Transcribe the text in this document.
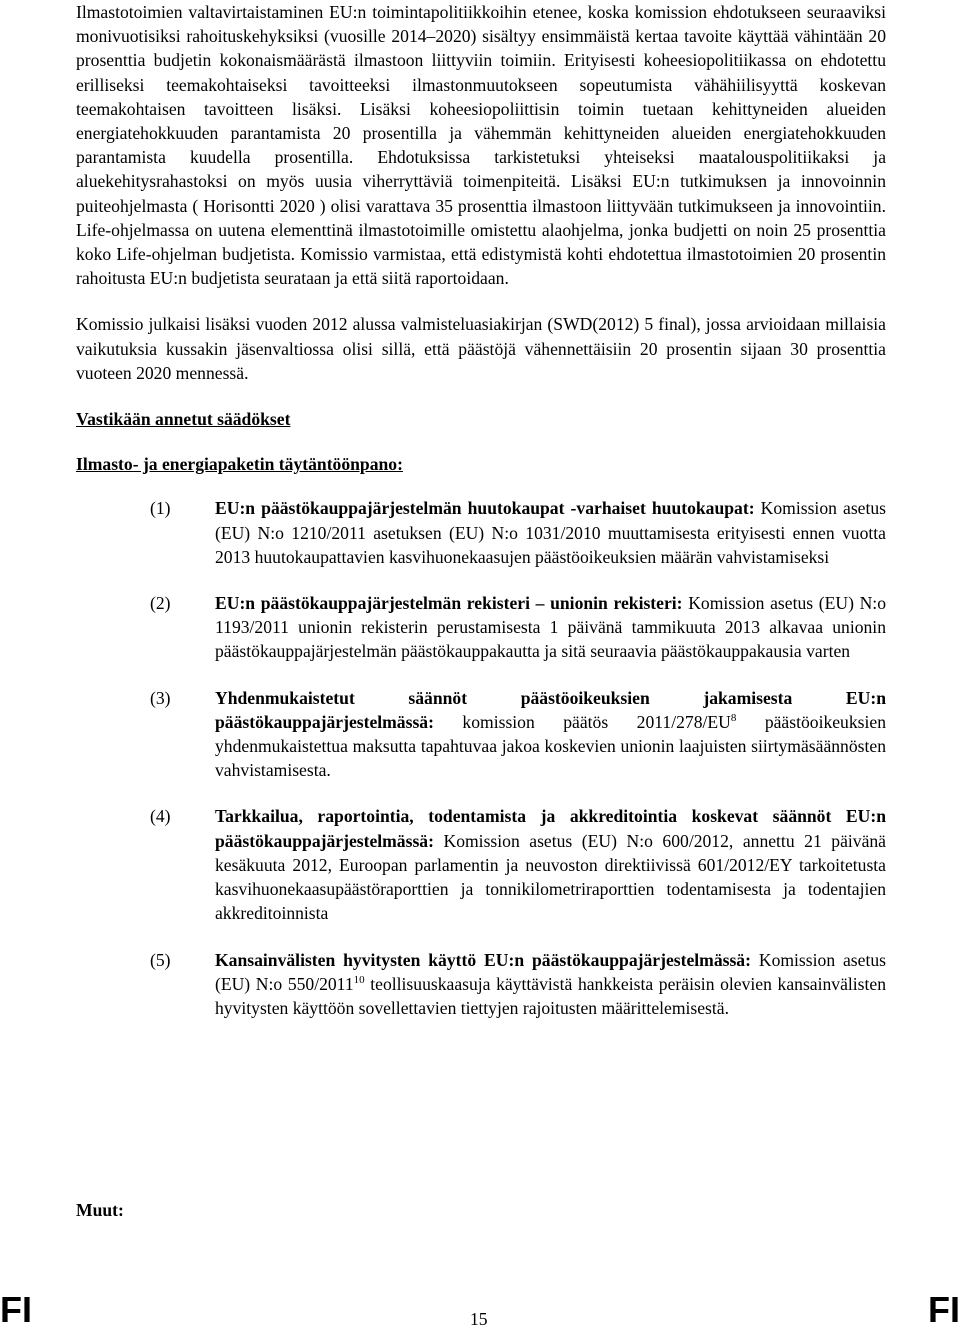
Ilmastotoimien valtavirtaistaminen EU:n toimintapolitiikkoihin etenee, koska komission ehdotukseen seuraaviksi monivuotisiksi rahoituskehyksiksi (vuosille 2014–2020) sisältyy ensimmäistä kertaa tavoite käyttää vähintään 20 prosenttia budjetin kokonaismäärästä ilmastoon liittyviin toimiin. Erityisesti koheesiopolitiikassa on ehdotettu erilliseksi teemakohtaiseksi tavoitteeksi ilmastonmuutokseen sopeutumista vähähiilisyyttä koskevan teemakohtaisen tavoitteen lisäksi. Lisäksi koheesiopoliittisin toimin tuetaan kehittyneiden alueiden energiatehokkuuden parantamista 20 prosentilla ja vähemmän kehittyneiden alueiden energiatehokkuuden parantamista kuudella prosentilla. Ehdotuksissa tarkistetuksi yhteiseksi maatalouspolitiikaksi ja aluekehitysrahastoksi on myös uusia viherryttäviä toimenpiteitä. Lisäksi EU:n tutkimuksen ja innovoinnin puiteohjelmasta ( Horisontti 2020 ) olisi varattava 35 prosenttia ilmastoon liittyvään tutkimukseen ja innovointiin. Life-ohjelmassa on uutena elementtinä ilmastotoimille omistettu alaohjelma, jonka budjetti on noin 25 prosenttia koko Life-ohjelman budjetista. Komissio varmistaa, että edistymistä kohti ehdotettua ilmastotoimien 20 prosentin rahoitusta EU:n budjetista seurataan ja että siitä raportoidaan.

Komissio julkaisi lisäksi vuoden 2012 alussa valmisteluasiakirjan (SWD(2012) 5 final), jossa arvioidaan millaisia vaikutuksia kussakin jäsenvaltiossa olisi sillä, että päästöjä vähennettäisiin 20 prosentin sijaan 30 prosenttia vuoteen 2020 mennessä.

Vastikään annetut säädökset

Ilmasto- ja energiapaketin täytäntöönpano:

(1)	EU:n päästökauppajärjestelmän huutokaupat -varhaiset huutokaupat: Komission asetus (EU) N:o 1210/2011 asetuksen (EU) N:o 1031/2010 muuttamisesta erityisesti ennen vuotta 2013 huutokaupattavien kasvihuonekaasujen päästöoikeuksien määrän vahvistamiseksi
(2)	EU:n päästökauppajärjestelmän rekisteri – unionin rekisteri: Komission asetus (EU) N:o 1193/2011 unionin rekisterin perustamisesta 1 päivänä tammikuuta 2013 alkavaa unionin päästökauppajärjestelmän päästökauppakautta ja sitä seuraavia päästökauppakausia varten
(3)	Yhdenmukaistetut säännöt päästöoikeuksien jakamisesta EU:n päästökauppajärjestelmässä: komission päätös $2011/278/EU^8$ päästöoikeuksien yhdenmukaistettua maksutta tapahtuvaa jakoa koskevien unionin laajuisten siirtymäsäännösten vahvistamisesta.
(4)	Tarkkailua, raportointia, todentamista ja akkreditointia koskevat säännöt EU:n päästökauppajärjestelmässä: Komission asetus (EU) N:o 600/2012, annettu 21 päivänä kesäkuuta 2012, Euroopan parlamentin ja neuvoston direktiivissä 601/2012/EY tarkoitetusta kasvihuonekaasupäästöraporttien ja tonnikilometriraporttien todentamisesta ja todentajien akkreditoinnista
(5)	Kansainvälisten hyvitysten käyttö EU:n päästökauppajärjestelmässä: Komission asetus (EU) N:o 550/2011$^{10}$ teollisuuskaasuja käyttävistä hankkeista peräisin olevien kansainvälisten hyvitysten käyttöön sovellettavien tiettyjen rajoitusten määrittelemisestä.

Muut:

FI	15	FI
